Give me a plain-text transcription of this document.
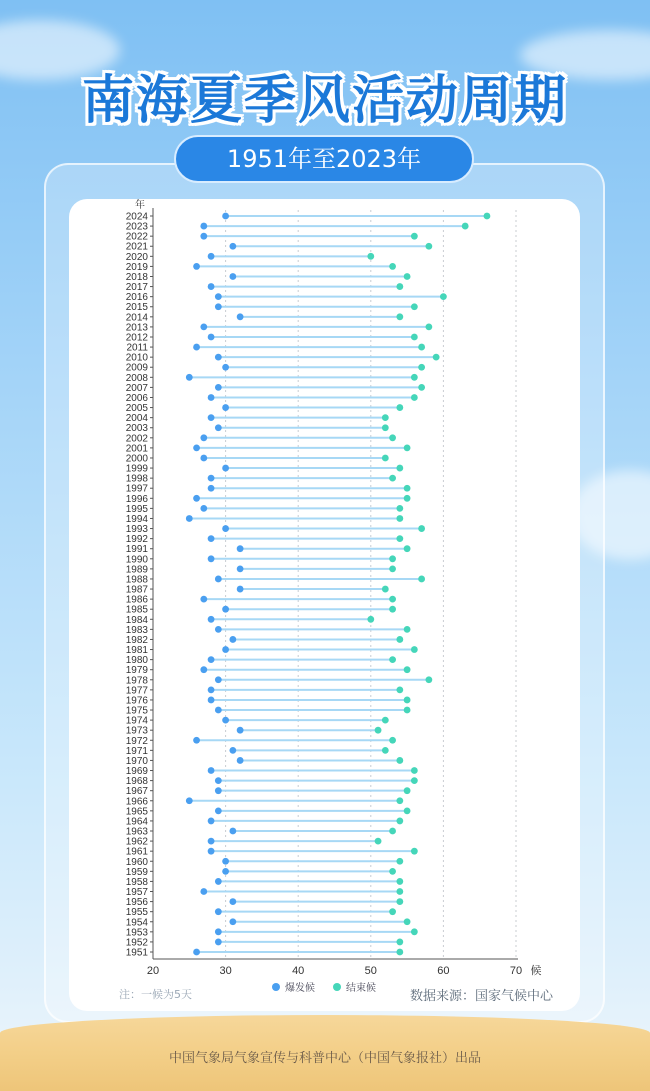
南海夏季风活动周期
1951年至2023年
年
20	30	40	50	60	70 候
2024
2023
2022
2021
2020
2019
2018
2017
2016
2015
2014
2013
2012
2011
2010
2009
2008
2007
2006
2005
2004
2003
2002
2001
2000
1999
1998
1997
1996
1995
1994
1993
1992
1991
1990
1989
1988
1987
1986
1985
1984
1983
1982
1981
1980
1979
1978
1977
1976
1975
1974
1973
1972
1971
1970
1969
1968
1967
1966
1965
1964
1963
1962
1961
1960
1959
1958
1957
1956
1955
1954
1953
1952
1951
爆发候	结束候
注：一候为5天	数据来源：国家气候中心
中国气象局气象宣传与科普中心（中国气象报社）出品
